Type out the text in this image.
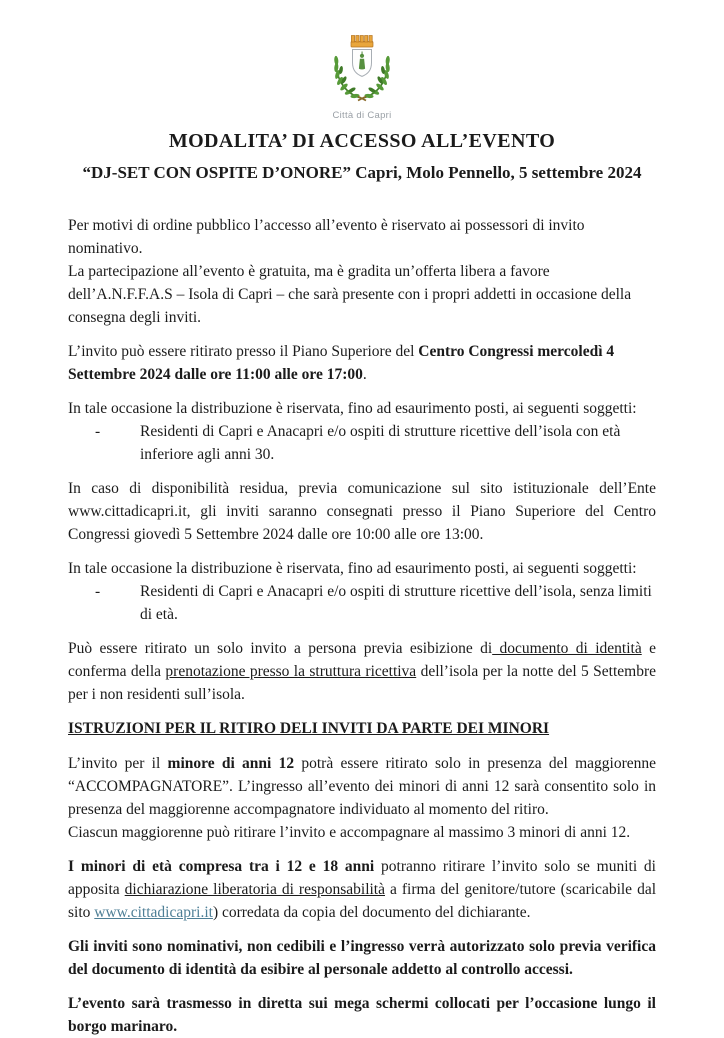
Città di Capri
MODALITA’ DI ACCESSO ALL’EVENTO
“DJ-SET CON OSPITE D’ONORE” Capri, Molo Pennello, 5 settembre 2024

Per motivi di ordine pubblico l’accesso all’evento è riservato ai possessori di invito nominativo.
La partecipazione all’evento è gratuita, ma è gradita un’offerta libera a favore dell’A.N.F.F.A.S – Isola di Capri – che sarà presente con i propri addetti in occasione della consegna degli inviti.

L’invito può essere ritirato presso il Piano Superiore del Centro Congressi mercoledì 4 Settembre 2024 dalle ore 11:00 alle ore 17:00.

In tale occasione la distribuzione è riservata, fino ad esaurimento posti, ai seguenti soggetti:

-	Residenti di Capri e Anacapri e/o ospiti di strutture ricettive dell’isola con età inferiore agli anni 30.

In caso di disponibilità residua, previa comunicazione sul sito istituzionale dell’Ente www.cittadicapri.it, gli inviti saranno consegnati presso il Piano Superiore del Centro Congressi giovedì 5 Settembre 2024 dalle ore 10:00 alle ore 13:00.

In tale occasione la distribuzione è riservata, fino ad esaurimento posti, ai seguenti soggetti:

-	Residenti di Capri e Anacapri e/o ospiti di strutture ricettive dell’isola, senza limiti di età.

Può essere ritirato un solo invito a persona previa esibizione di documento di identità e conferma della prenotazione presso la struttura ricettiva dell’isola per la notte del 5 Settembre per i non residenti sull’isola.

ISTRUZIONI PER IL RITIRO DELI INVITI DA PARTE DEI MINORI

L’invito per il minore di anni 12 potrà essere ritirato solo in presenza del maggiorenne “ACCOMPAGNATORE”. L’ingresso all’evento dei minori di anni 12 sarà consentito solo in presenza del maggiorenne accompagnatore individuato al momento del ritiro.
Ciascun maggiorenne può ritirare l’invito e accompagnare al massimo 3 minori di anni 12.

I minori di età compresa tra i 12 e 18 anni potranno ritirare l’invito solo se muniti di apposita dichiarazione liberatoria di responsabilità a firma del genitore/tutore (scaricabile dal sito www.cittadicapri.it) corredata da copia del documento del dichiarante.

Gli inviti sono nominativi, non cedibili e l’ingresso verrà autorizzato solo previa verifica del documento di identità da esibire al personale addetto al controllo accessi.

L’evento sarà trasmesso in diretta sui mega schermi collocati per l’occasione lungo il borgo marinaro.
